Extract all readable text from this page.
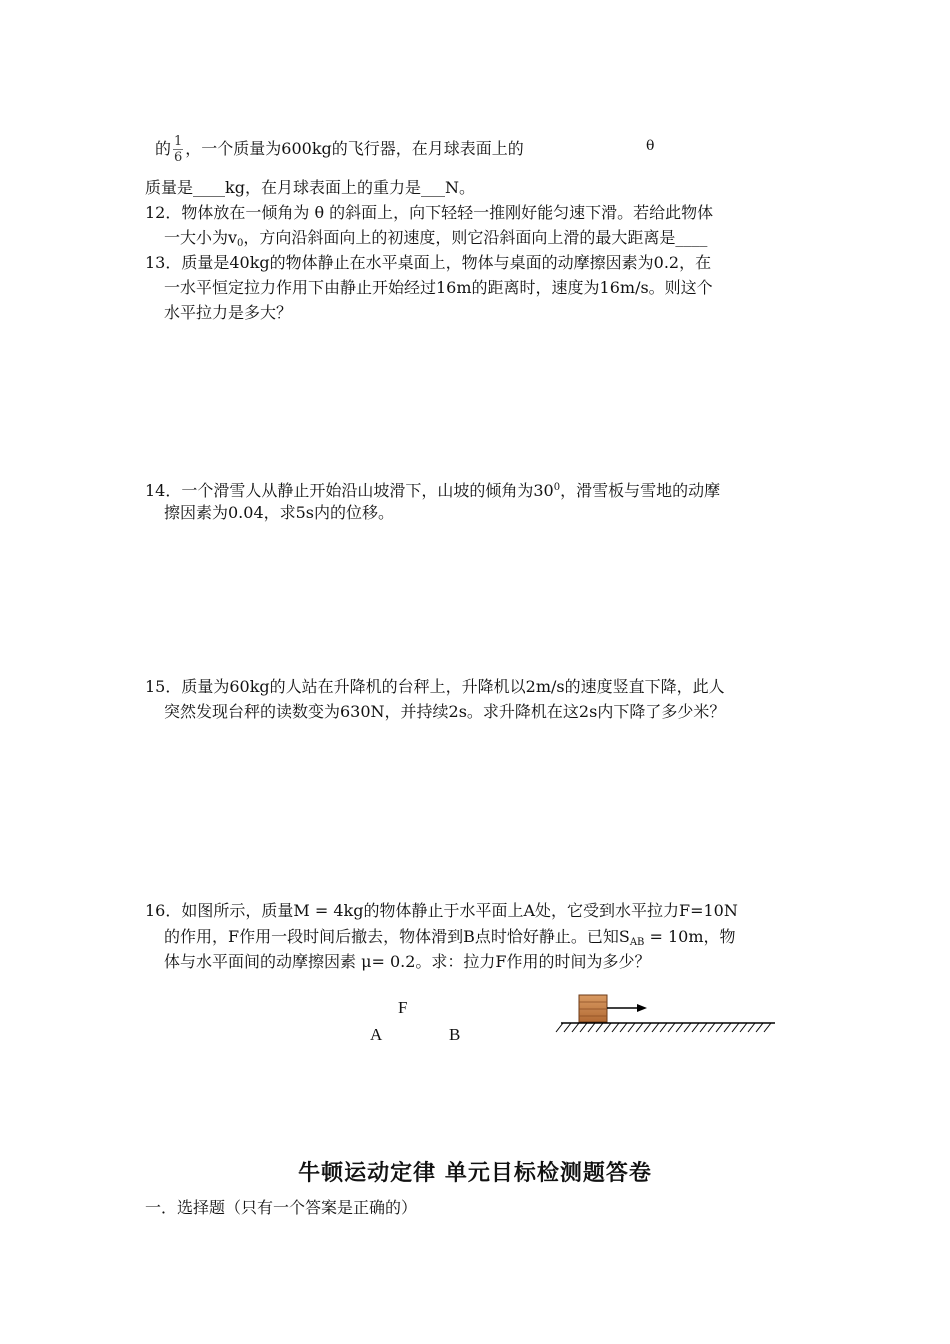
的 $\frac{1}{6}$ ，一个质量为600kg的飞行器，在月球表面上的	θ
质量是____kg，在月球表面上的重力是___N。
12．物体放在一倾角为 θ 的斜面上，向下轻轻一推刚好能匀速下滑。若给此物体
一大小为$v_0$，方向沿斜面向上的初速度，则它沿斜面向上滑的最大距离是____
13．质量是40kg的物体静止在水平桌面上，物体与桌面的动摩擦因素为0.2，在
一水平恒定拉力作用下由静止开始经过16m的距离时，速度为16m/s。则这个
水平拉力是多大？
14．一个滑雪人从静止开始沿山坡滑下，山坡的倾角为$30^0$，滑雪板与雪地的动摩
擦因素为0.04，求5s内的位移。
15．质量为60kg的人站在升降机的台秤上，升降机以2m/s的速度竖直下降，此人
突然发现台秤的读数变为630N，并持续2s。求升降机在这2s内下降了多少米？
16．如图所示，质量M = 4kg的物体静止于水平面上A处，它受到水平拉力F=10N
的作用，F作用一段时间后撤去，物体滑到B点时恰好静止。已知$S_{AB} = 10m$，物
体与水平面间的动摩擦因素 μ= 0.2。求：拉力F作用的时间为多少？
F
A	B
牛顿运动定律 单元目标检测题答卷
一．选择题（只有一个答案是正确的）
